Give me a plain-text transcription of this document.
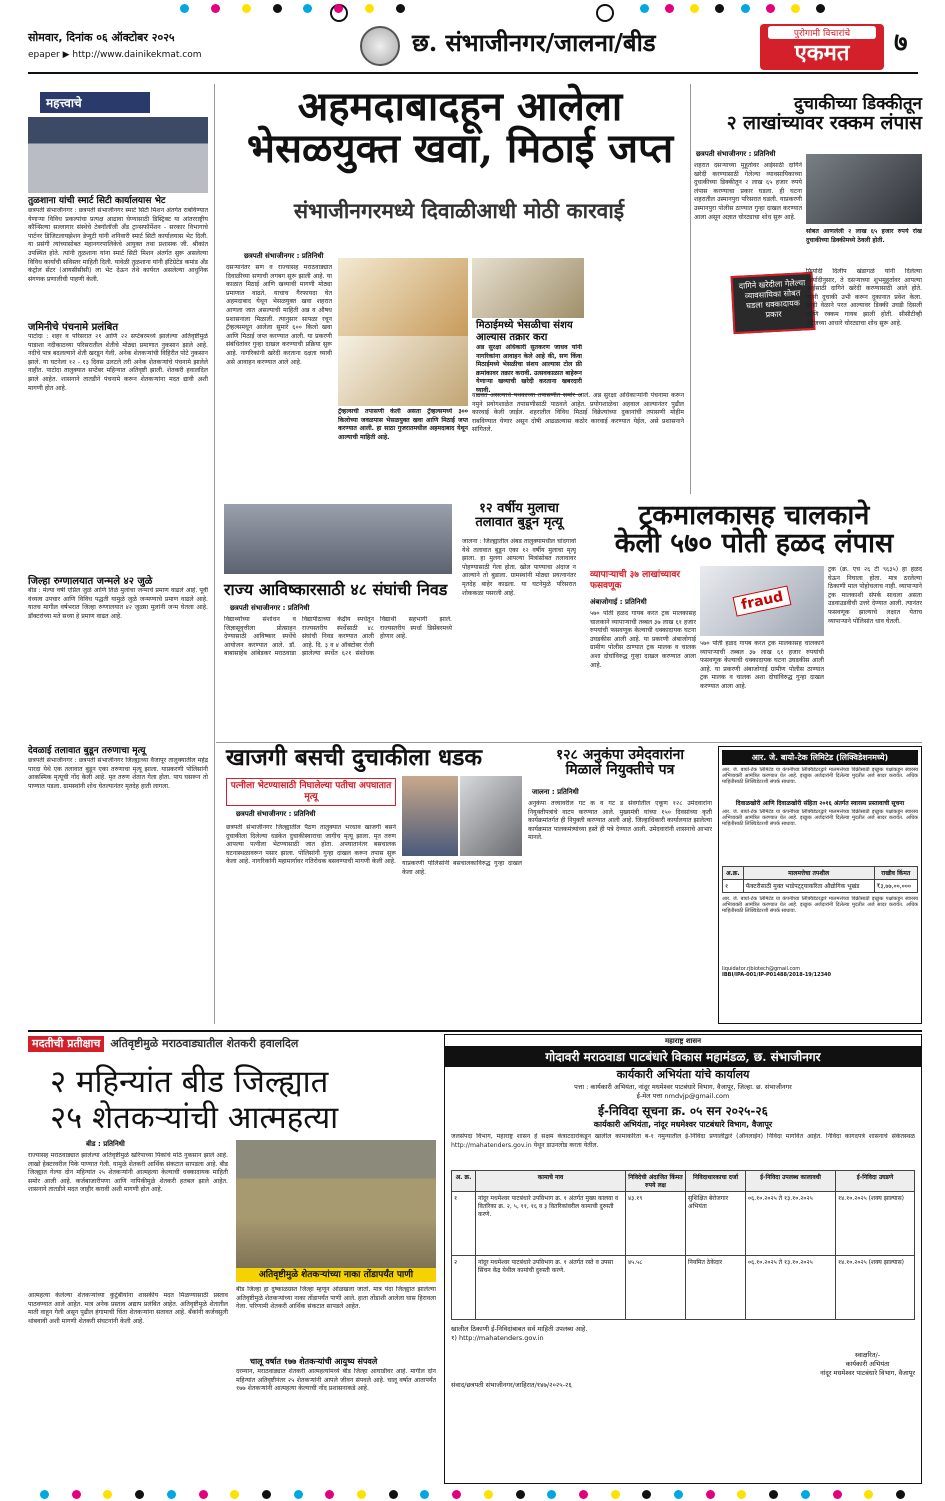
सोमवार, दिनांक ०६ ऑक्टोबर २०२५
epaper ▶ http://www.dainikekmat.com	छ. संभाजीनगर/जालना/बीड	पुरोगामी विचारांचे
एकमत	७
महत्त्वाचे
तुळशाना यांची स्मार्ट सिटी कार्यालयास भेट
छत्रपती संभाजीनगर : छत्रपती संभाजीनगर स्मार्ट सिटी मिशन अंतर्गत राबविण्यात येणाऱ्या विविध प्रकल्पांचा प्रत्यक्ष आढावा घेण्यासाठी डिस्ट्रिक्ट या आंतरराष्ट्रीय कौन्सिल्या सल्लागार संस्थेचे टेक्नॉलॉजी अँड ट्रान्सफॉर्मेशन - सरकार विभागाचे पार्टनर डिजिटलायझेशन डेप्युटी यांनी शनिवारी स्मार्ट सिटी कार्यालयास भेट दिली. या प्रसंगी त्यांच्यासोबत महानगरपालिकेचे आयुक्त तथा प्रशासक जी. श्रीकांत उपस्थित होते. त्यांनी तुळशाना यांना स्मार्ट सिटी मिशन अंतर्गत सुरू असलेल्या विविध कार्यांची सविस्तर माहिती दिली. यावेळी तुळशाना यांनी इंटिग्रेटेड कमांड अँड कंट्रोल सेंटर (आयसीसीसी) ला भेट देऊन तेथे कार्यरत असलेल्या आधुनिक संगणक प्रणालीची पाहणी केली.
जमिनीचे पंचनामे प्रलंबित
पाटोदा : शहर व परिसरात २१ आणि २२ सप्टेंबरमध्ये झालेल्या अतिवृष्टीमुळे पाडाशा नदीकाठच्या परिसरातील शेतीचे मोठ्या प्रमाणात नुकसान झाले आहे. नदीचे पात्र बदलल्याने शेती खरडून गेली. अनेक शेतकऱ्यांची विहिरीत पोटे नुकसान झाले. या घटनेला १२ - १३ दिवस उलटले तरी अनेक शेतकऱ्यांचे पंचनामे झालेले नाहीत. पाटोदा तालुक्यात सप्टेंबर महिन्यात अतिवृष्टी झाली. शेतकरी हवालदिल झाले आहेत. शासनाने तातडीने पंचनामे करून शेतकऱ्यांना मदत द्यावी अशी मागणी होत आहे.
जिल्हा रुग्णालयात जन्मले ४२ जुळे
बीड : मेल्या वर्षी एप्रिल जुळे आणि तिळे मुलांचा जन्माचे प्रमाण वाढले आहे. पूर्वी वंध्यत्व उपचार आणि विविध पद्धती यामुळे जुळे जन्मण्याचे प्रमाण वाढले आहे. यातच मागील वर्षभरात जिल्हा रुग्णालयात ४२ जुळ्या मुलांनी जन्म घेतला आहे. डॉक्टरांच्या मते सध्या हे प्रमाण वाढत आहे.
देवळाई तलावात बुडून तरुणाचा मृत्यू
छत्रपती संभाजीनगर : छत्रपती संभाजीनगर जिल्ह्याच्या वैजापूर तालुक्यातील महेंद्र पारदा येथे एक तलावात बुडून एका तरुणाचा मृत्यू झाला. याप्रकरणी पोलिसांनी आकस्मिक मृत्यूची नोंद केली आहे. मृत तरुण शेतात गेला होता. पाय घसरून तो पाण्यात पडला. ग्रामस्थांनी शोध घेतल्यानंतर मृतदेह हाती लागला.
अहमदाबादहून आलेला
भेसळयुक्त खवा, मिठाई जप्त
संभाजीनगरमध्ये दिवाळीआधी मोठी कारवाई
छत्रपती संभाजीनगर : प्रतिनिधी
दसऱ्यानंतर सण व राज्यासह मराठवाड्यात दिवाळीच्या सणाची लगबग सुरू झाली आहे. या काळात मिठाई आणि खव्याची मागणी मोठ्या प्रमाणात वाढते. याचाच गैरफायदा घेत अहमदाबाद येथून भेसळयुक्त खवा शहरात आणला जात असल्याची माहिती अन्न व औषध प्रशासनाला मिळाली. त्यानुसार सापळा रचून ट्रॅव्हल्समधून आलेला सुमारे ६०० किलो खवा आणि मिठाई जप्त करण्यात आली. या प्रकरणी संबंधितांवर गुन्हा दाखल करण्याची प्रक्रिया सुरू आहे. नागरिकांनी खरेदी करताना दक्षता घ्यावी असे आवाहन करण्यात आले आहे.
ट्रॅव्हल्सची तपासणी केली असता ट्रॅव्हल्समध्ये ३०० किलोच्या जवळपास भेसळयुक्त खवा आणि मिठाई जप्त करण्यात आली. हा साठा गुजरातमधील अहमदाबाद येथून आल्याची माहिती आहे.
मिठाईमध्ये भेसळीचा संशय आल्यास तक्रार करा
अन्न सुरक्षा अधिकारी सुतकरण जाधव यांनी नागरिकांना आवाहन केले आहे की, सण किंवा मिठाईमध्ये भेसळीचा संशय आल्यास टोल फ्री क्रमांकावर तक्रार करावी. उत्सवकाळात बाहेरून येणाऱ्या खव्याची खरेदी करताना खबरदारी घ्यावी.
वाढवत असल्याचे पथकाच्या तपासणीत समोर आले. अन्न सुरक्षा अधिकाऱ्यांनी पंचनामा करून नमुने प्रयोगशाळेत तपासणीसाठी पाठवले आहेत. प्रयोगशाळेचा अहवाल आल्यानंतर पुढील कारवाई केली जाईल. शहरातील विविध मिठाई विक्रेत्यांच्या दुकानांची तपासणी मोहीम राबविण्यात येणार असून दोषी आढळल्यास कठोर कारवाई करण्यात येईल, असे प्रशासनाने सांगितले.
दुचाकीच्या डिक्कीतून
२ लाखांच्यावर रक्कम लंपास
छत्रपती संभाजीनगर : प्रतिनिधी
शहरात दसऱ्याच्या मुहूर्तावर आईसाठी दागिने खरेदी करण्यासाठी गेलेल्या व्यावसायिकाच्या दुचाकीच्या डिक्कीतून २ लाख ६५ हजार रुपये लंपास करण्याचा प्रकार घडला. ही घटना शहरातील उस्मानपुरा परिसरात घडली. याप्रकरणी उस्मानपुरा पोलीस ठाण्यात गुन्हा दाखल करण्यात आला असून अज्ञात चोरट्याचा शोध सुरू आहे.
सोबत आणलेली २ लाख ६५ हजार रुपये रोख दुचाकीच्या डिक्कीमध्ये ठेवली होती.
दागिने खरेदीला गेलेल्या व्यावसायिका सोबत घडला धक्कादायक प्रकार
फिर्यादी दिलीप खंडागळे यांनी दिलेल्या फिर्यादीनुसार, ते दसऱ्याच्या शुभमुहूर्तावर आपल्या आईसाठी दागिने खरेदी करण्यासाठी आले होते. त्यांनी दुचाकी उभी करून दुकानात प्रवेश केला. काही वेळाने परत आल्यावर डिक्की उघडी दिसली आणि रक्कम गायब झाली होती. सीसीटीव्ही फुटेजच्या आधारे चोरट्याचा शोध सुरू आहे.
राज्य आविष्कारसाठी ४८ संघांची निवड
छत्रपती संभाजीनगर : प्रतिनिधी
विद्यार्थ्यांच्या संशोधन व जिज्ञासूवृत्तीला प्रोत्साहन देण्यासाठी आविष्कार स्पर्धेचे आयोजन करण्यात आले. डॉ. बाबासाहेब आंबेडकर मराठवाडा विद्यापीठाच्या केंद्रीय स्पर्धेतून राज्यस्तरीय स्पर्धेसाठी ४८ संघांची निवड करण्यात आली आहे. दि. ३ व ४ ऑक्टोबर रोजी झालेल्या स्पर्धेत ६२१ संशोधक विद्यार्थी सहभागी झाले. राज्यस्तरीय स्पर्धा डिसेंबरमध्ये होणार आहे.
१२ वर्षीय मुलाचा तलावात बुडून मृत्यू
जालना : जिल्ह्यातील अंबड तालुक्यामधील चांदगावो येथे तलावात बुडून एका १२ वर्षीय मुलाचा मृत्यू झाला. हा मुलगा आपल्या मित्रांसोबत तलावावर पोहण्यासाठी गेला होता. खोल पाण्याचा अंदाज न आल्याने तो बुडाला. ग्रामस्थांनी मोठ्या प्रयत्नानंतर मृतदेह बाहेर काढला. या घटनेमुळे परिसरात शोककळा पसरली आहे.
ट्रकमालकासह चालकाने
केली ५७० पोती हळद लंपास
व्यापाऱ्याची ३७ लाखांच्यावर फसवणूक
अंबाजोगाई : प्रतिनिधी	fraud
५७० पोती हळद गायब करत ट्रक मालकासह चालकाने व्यापाऱ्याची तब्बल ३७ लाख ६१ हजार रुपयांची फसवणूक केल्याची धक्कादायक घटना उघडकीस आली आहे. या प्रकरणी अंबाजोगाई ग्रामीण पोलीस ठाण्यात ट्रक मालक व चालक अशा दोघांविरुद्ध गुन्हा दाखल करण्यात आला आहे.
५७० पोती हळद गायब करत ट्रक मालकासह चालकाने व्यापाऱ्याची तब्बल ३७ लाख ६१ हजार रुपयांची फसवणूक केल्याची धक्कादायक घटना उघडकीस आली आहे. या प्रकरणी अंबाजोगाई ग्रामीण पोलीस ठाण्यात ट्रक मालक व चालक अशा दोघांविरुद्ध गुन्हा दाखल करण्यात आला आहे.
ट्रक (क्र. एच २६ टी ९६३५) हा हळद घेऊन निघाला होता. मात्र ठरलेल्या ठिकाणी माल पोहोचलाच नाही. व्यापाऱ्याने ट्रक मालकाशी संपर्क साधला असता उडवाउडवीची उत्तरे देण्यात आली. त्यानंतर फसवणूक झाल्याचे लक्षात येताच व्यापाऱ्याने पोलिसांत धाव घेतली.
खाजगी बसची दुचाकीला धडक
पत्नीला भेटण्यासाठी निघालेल्या पतीचा अपघातात मृत्यू
छत्रपती संभाजीनगर : प्रतिनिधी
छत्रपती संभाजीनगर जिल्ह्यातील पैठण तालुक्यात भरधाव खाजगी बसने दुचाकीला दिलेल्या धडकेत दुचाकीस्वाराचा जागीच मृत्यू झाला. मृत तरुण आपल्या पत्नीला भेटण्यासाठी जात होता. अपघातानंतर बसचालक घटनास्थळावरून पसार झाला. पोलिसांनी गुन्हा दाखल करून तपास सुरू केला आहे. नागरिकांनी महामार्गावर गतिरोधक बसवण्याची मागणी केली आहे. याप्रकरणी पोलिसांनी बसचालकाविरुद्ध गुन्हा दाखल केला आहे.
१२८ अनुकंपा उमेदवारांना
मिळाले नियुक्तीचे पत्र
जालना : प्रतिनिधी
अनुकंपा तत्त्वावरील गट क व गट ड संवर्गातील एकूण १२८ उमेदवारांना नियुक्तीपत्रांचे वाटप करण्यात आले. मुख्यमंत्री यांच्या १५० दिवसांच्या कृती कार्यक्रमांतर्गत ही नियुक्ती करण्यात आली आहे. जिल्हाधिकारी कार्यालयात झालेल्या कार्यक्रमात पालकमंत्र्यांच्या हस्ते ही पत्रे देण्यात आली. उमेदवारांनी शासनाचे आभार मानले.
आर. जे. बायो-टेक लिमिटेड (लिक्विडेशनमध्ये)
आर. जे. बायो-टेक लिमिटेड या कंपनीच्या लिक्विडेटरद्वारे मालमत्तेच्या विक्रीसाठी इच्छुक पक्षांकडून स्वारस्य अभिव्यक्ती आमंत्रित करण्यात येत आहे. इच्छुक अर्जदारांनी दिलेल्या मुदतीत अर्ज सादर करावेत. अधिक माहितीसाठी लिक्विडेटरशी संपर्क साधावा.
दिवाळखोरी आणि दिवाळखोरी संहिता २०१६ अंतर्गत स्वारस्य प्रस्तावाची सूचना
आर. जे. बायो-टेक लिमिटेड या कंपनीच्या लिक्विडेटरद्वारे मालमत्तेच्या विक्रीसाठी इच्छुक पक्षांकडून स्वारस्य अभिव्यक्ती आमंत्रित करण्यात येत आहे. इच्छुक अर्जदारांनी दिलेल्या मुदतीत अर्ज सादर करावेत. अधिक माहितीसाठी लिक्विडेटरशी संपर्क साधावा.
अ.क्र.	मालमत्तेचा तपशील	राखीव किंमत
१	फॅक्टरीसाठी मुक्त भाडेपट्ट्याकरिता औद्योगिक भूखंड	₹३,७७,००,०००
आर. जे. बायो-टेक लिमिटेड या कंपनीच्या लिक्विडेटरद्वारे मालमत्तेच्या विक्रीसाठी इच्छुक पक्षांकडून स्वारस्य अभिव्यक्ती आमंत्रित करण्यात येत आहे. इच्छुक अर्जदारांनी दिलेल्या मुदतीत अर्ज सादर करावेत. अधिक माहितीसाठी लिक्विडेटरशी संपर्क साधावा.
liquidator.rjbiotech@gmail.com
IBBI/IPA-001/IP-P01488/2018-19/12340
मदतीची प्रतीक्षाच अतिवृष्टीमुळे मराठवाड्यातील शेतकरी हवालदिल
२ महिन्यांत बीड जिल्ह्यात
२५ शेतकऱ्यांची आत्महत्या
बीड : प्रतिनिधी
राज्यासह मराठवाड्यात झालेल्या अतिवृष्टीमुळे खरिपाच्या पिकांचे मोठे नुकसान झाले आहे. लाखो हेक्टरवरील पिके पाण्यात गेली. यामुळे शेतकरी आर्थिक संकटात सापडला आहे. बीड जिल्ह्यात गेल्या दोन महिन्यांत २५ शेतकऱ्यांनी आत्महत्या केल्याची धक्कादायक माहिती समोर आली आहे. कर्जबाजारीपणा आणि नापिकीमुळे शेतकरी हतबल झाले आहेत. शासनाने तातडीने मदत जाहीर करावी अशी मागणी होत आहे.
आत्महत्या केलेल्या शेतकऱ्यांच्या कुटुंबीयांना शासकीय मदत मिळण्यासाठी प्रस्ताव पाठवण्यात आले आहेत. मात्र अनेक प्रस्ताव अद्याप प्रलंबित आहेत. अतिवृष्टीमुळे शेतातील माती वाहून गेली असून पुढील हंगामाची चिंता शेतकऱ्यांना सतावत आहे. बँकांनी कर्जवसुली थांबवावी अशी मागणी शेतकरी संघटनांनी केली आहे.
अतिवृष्टीमुळे शेतकऱ्यांच्या नाका तोंडापर्यंत पाणी
बीड जिल्हा हा दुष्काळग्रस्त जिल्हा म्हणून ओळखला जातो. मात्र यंदा जिल्ह्यात झालेल्या अतिवृष्टीमुळे शेतकऱ्यांच्या नाका तोंडापर्यंत पाणी आले. हाता तोंडाशी आलेला घास हिरावला गेला. परिणामी शेतकरी आर्थिक संकटात सापडले आहेत.
चालू वर्षात १७७ शेतकऱ्यांची आयुष्य संपवले
दरम्यान, मराठवाड्यात शेतकरी आत्महत्यांमध्ये बीड जिल्हा आघाडीवर आहे. मागील दोन महिन्यांत अतिवृष्टीनंतर २५ शेतकऱ्यांनी आपले जीवन संपवले आहे. चालू वर्षात आतापर्यंत १७७ शेतकऱ्यांनी आत्महत्या केल्याची नोंद प्रशासनाकडे आहे.
महाराष्ट्र शासन
गोदावरी मराठवाडा पाटबंधारे विकास महामंडळ, छ. संभाजीनगर
कार्यकारी अभियंता यांचे कार्यालय
पत्ता : कार्यकारी अभियंता, नांदूर मधमेश्वर पाटबंधारे विभाग, वैजापूर, जिल्हा. छ. संभाजीनगर
ई-मेल पत्ता nmdvjp@gmail.com
ई-निविदा सूचना क्र. ०५ सन २०२५-२६
कार्यकारी अभियंता, नांदूर मधमेश्वर पाटबंधारे विभाग, वैजापूर
जलसंपदा विभाग, महाराष्ट्र शासन हे सक्षम कंत्राटदारांकडून खालील कामाकरिता ब-१ नमुन्यातील ई-निविदा प्रणालीद्वारे (ऑनलाईन) निविदा मागवित आहेत. निविदा कागदपत्रे शासनाचे संकेतस्थळ http://mahatenders.gov.in येथून डाउनलोड करता येतील.
अ. क्र.	कामाचे नाव	निविदेची अंदाजित किंमत रुपये लक्ष	निविदाधारकाचा दर्जा	ई-निविदा उपलब्ध कालावधी	ई-निविदा उघडणे
१	नांदूर मधमेश्वर पाटबंधारे उपविभाग क्र. १ अंतर्गत मुख्य कालवा व वितरिका क्र. २, ५, ११, १६ व ३ वितरिकांवरील कामाची दुरुस्ती करणे.	४३.१९	सुशिक्षित बेरोजगार अभियंता	०६.१०.२०२५ ते १३.१०.२०२५	१४.१०.२०२५ (शक्य झाल्यास)
२	नांदूर मधमेश्वर पाटबंधारे उपविभाग क्र. १ अंतर्गत रस्ते व उपसा सिंचन केंद्र येथील कामांची दुरुस्ती करणे.	४५.५८	नियमित ठेकेदार	०६.१०.२०२५ ते १३.१०.२०२५	१४.१०.२०२५ (शक्य झाल्यास)
खालील ठिकाणी ई-निविदांबाबत सर्व माहिती उपलब्ध आहे.
१) http://mahatenders.gov.in
संवाद/छत्रपती संभाजीनगर/जाहिरात/१४७/२०२५-२६
स्वाक्षरित/-
कार्यकारी अभियंता
नांदूर मधमेश्वर पाटबंधारे विभाग, वैजापूर
